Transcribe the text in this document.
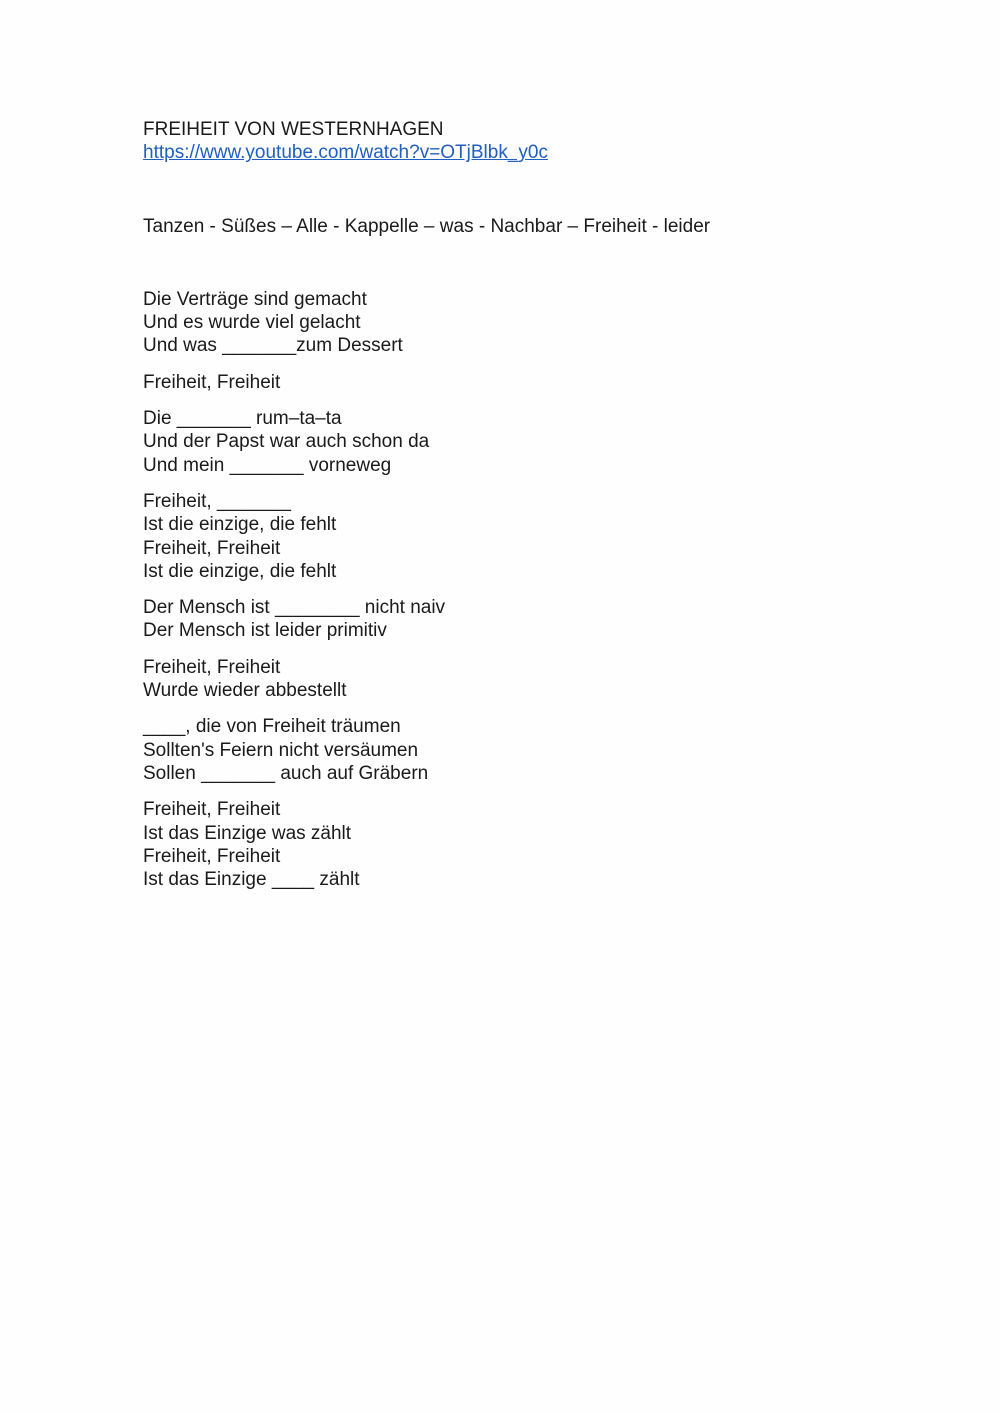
FREIHEIT VON WESTERNHAGEN
https://www.youtube.com/watch?v=OTjBlbk_y0c
Tanzen - Süßes – Alle - Kappelle – was - Nachbar – Freiheit - leider
Die Verträge sind gemacht
Und es wurde viel gelacht
Und was _______zum Dessert
Freiheit, Freiheit
Die _______ rum–ta–ta
Und der Papst war auch schon da
Und mein _______ vorneweg
Freiheit, _______
Ist die einzige, die fehlt
Freiheit, Freiheit
Ist die einzige, die fehlt
Der Mensch ist ________ nicht naiv
Der Mensch ist leider primitiv
Freiheit, Freiheit
Wurde wieder abbestellt
____, die von Freiheit träumen
Sollten's Feiern nicht versäumen
Sollen _______ auch auf Gräbern
Freiheit, Freiheit
Ist das Einzige was zählt
Freiheit, Freiheit
Ist das Einzige ____ zählt
